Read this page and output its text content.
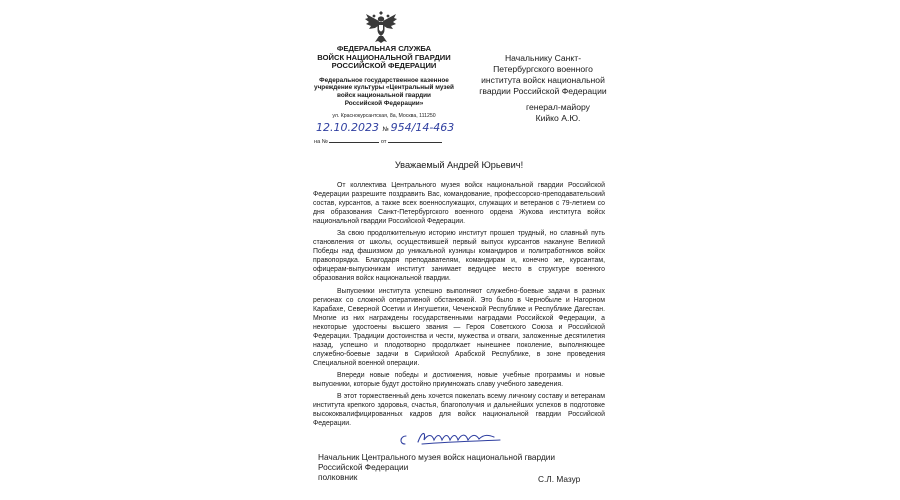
ФЕДЕРАЛЬНАЯ СЛУЖБА
ВОЙСК НАЦИОНАЛЬНОЙ ГВАРДИИ
РОССИЙСКОЙ ФЕДЕРАЦИИ
Федеральное государственное казенное
учреждение культуры «Центральный музей
войск национальной гвардии
Российской Федерации»
ул. Краснокурсантская, 8а, Москва, 111250
12.10.2023 № 954/14-463
на №	от
Начальнику Санкт-
Петербургского военного
института войск национальной
гвардии Российской Федерации
генерал-майору
Кийко А.Ю.
Уважаемый Андрей Юрьевич!

От коллектива Центрального музея войск национальной гвардии Российской Федерации разрешите поздравить Вас, командование, профессорско-преподавательский состав, курсантов, а также всех военнослужащих, служащих и ветеранов с 79-летием со дня образования Санкт-Петербургского военного ордена Жукова института войск национальной гвардии Российской Федерации.

За свою продолжительную историю институт прошел трудный, но славный путь становления от школы, осуществившей первый выпуск курсантов накануне Великой Победы над фашизмом до уникальной кузницы командиров и политработников войск правопорядка. Благодаря преподавателям, командирам и, конечно же, курсантам, офицерам-выпускникам институт занимает ведущее место в структуре военного образования войск национальной гвардии.

Выпускники института успешно выполняют служебно-боевые задачи в разных регионах со сложной оперативной обстановкой. Это было в Чернобыле и Нагорном Карабахе, Северной Осетии и Ингушетии, Чеченской Республике и Республике Дагестан. Многие из них награждены государственными наградами Российской Федерации, а некоторые удостоены высшего звания — Героя Советского Союза и Российской Федерации. Традиции достоинства и чести, мужества и отваги, заложенные десятилетия назад, успешно и плодотворно продолжает нынешнее поколение, выполняющее служебно-боевые задачи в Сирийской Арабской Республике, в зоне проведения Специальной военной операции.

Впереди новые победы и достижения, новые учебные программы и новые выпускники, которые будут достойно приумножать славу учебного заведения.

В этот торжественный день хочется пожелать всему личному составу и ветеранам института крепкого здоровья, счастья, благополучия и дальнейших успехов в подготовке высококвалифицированных кадров для войск национальной гвардии Российской Федерации.

Начальник Центрального музея войск национальной гвардии
Российской Федерации
полковник	С.Л. Мазур
